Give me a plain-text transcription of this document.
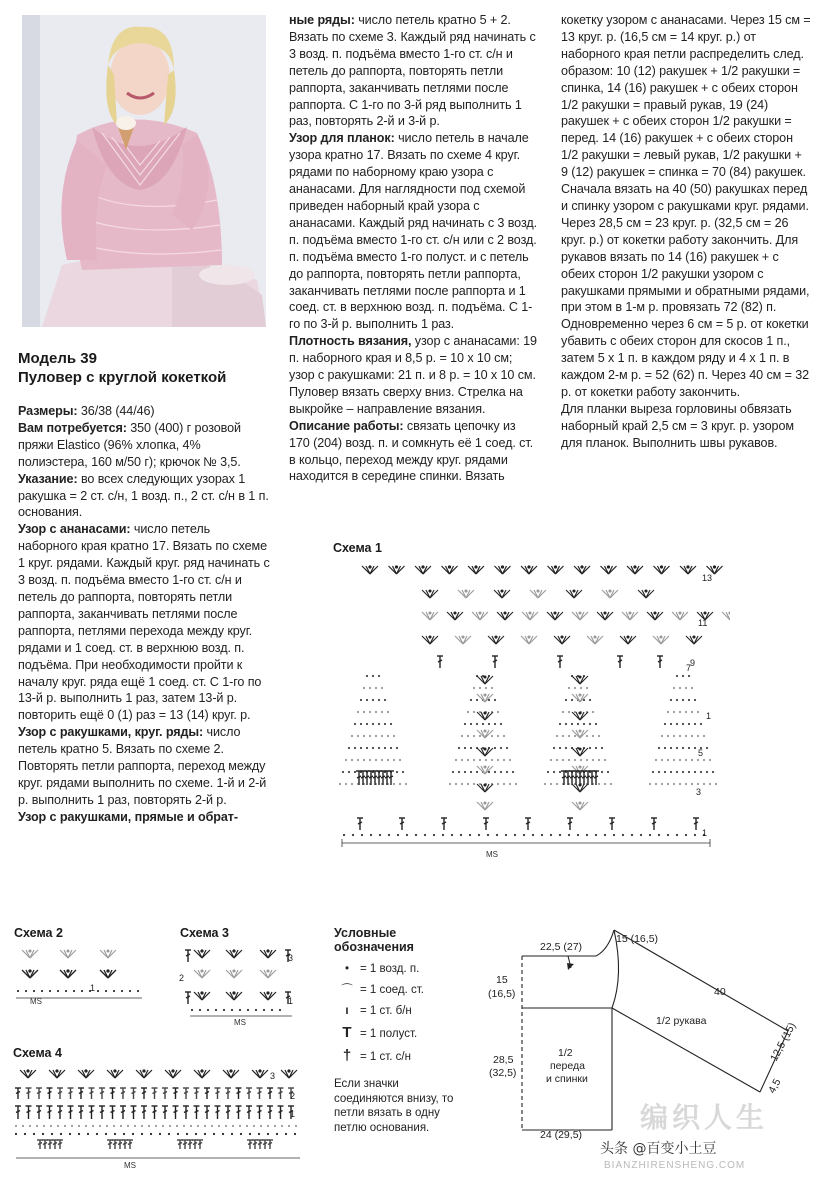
Модель 39
Пуловер с круглой кокеткой

Размеры: 36/38 (44/46)

Вам потребуется: 350 (400) г розовой пряжи Elastico (96% хлопка, 4% полиэстера, 160 м/50 г); крючок № 3,5.

Указание: во всех следующих узорах 1 ракушка = 2 ст. с/н, 1 возд. п., 2 ст. с/н в 1 п. основания.

Узор с ананасами: число петель наборного края кратно 17. Вязать по схеме 1 круг. рядами. Каждый круг. ряд начинать с 3 возд. п. подъёма вместо 1-го ст. с/н и петель до раппорта, повторять петли раппорта, заканчивать петлями после раппорта, петлями перехода между круг. рядами и 1 соед. ст. в верхнюю возд. п. подъёма. При необходимости пройти к началу круг. ряда ещё 1 соед. ст. С 1-го по 13-й р. выполнить 1 раз, затем 13-й р. повторить ещё 0 (1) раз = 13 (14) круг. р.

Узор с ракушками, круг. ряды: число петель кратно 5. Вязать по схеме 2. Повторять петли раппорта, переход между круг. рядами выполнить по схеме. 1-й и 2-й р. выполнить 1 раз, повторять 2-й р.

Узор с ракушками, прямые и обрат-

ные ряды: число петель кратно 5 + 2. Вязать по схеме 3. Каждый ряд начинать с 3 возд. п. подъёма вместо 1-го ст. с/н и петель до раппорта, повторять петли раппорта, заканчивать петлями после раппорта. С 1-го по 3-й ряд выполнить 1 раз, повторять 2-й и 3-й р.

Узор для планок: число петель в начале узора кратно 17. Вязать по схеме 4 круг. рядами по наборному краю узора с ананасами. Для наглядности под схемой приведен наборный край узора с ананасами. Каждый ряд начинать с 3 возд. п. подъёма вместо 1-го ст. с/н или с 2 возд. п. подъёма вместо 1-го полуст. и с петель до раппорта, повторять петли раппорта, заканчивать петлями после раппорта и 1 соед. ст. в верхнюю возд. п. подъёма. С 1-го по 3-й р. выполнить 1 раз.

Плотность вязания, узор с ананасами: 19 п. наборного края и 8,5 р. = 10 х 10 см; узор с ракушками: 21 п. и 8 р. = 10 х 10 см.

Пуловер вязать сверху вниз. Стрелка на выкройке – направление вязания.

Описание работы: связать цепочку из 170 (204) возд. п. и сомкнуть её 1 соед. ст. в кольцо, переход между круг. рядами находится в середине спинки. Вязать

кокетку узором с ананасами. Через 15 см = 13 круг. р. (16,5 см = 14 круг. р.) от наборного края петли распределить след. образом: 10 (12) ракушек + 1/2 ракушки = спинка, 14 (16) ракушек + с обеих сторон 1/2 ракушки = правый рукав, 19 (24) ракушек + с обеих сторон 1/2 ракушки = перед. 14 (16) ракушек + с обеих сторон 1/2 ракушки = левый рукав, 1/2 ракушки + 9 (12) ракушек = спинка = 70 (84) ракушек. Сначала вязать на 40 (50) ракушках перед и спинку узором с ракушками круг. рядами. Через 28,5 см = 23 круг. р. (32,5 см = 26 круг. р.) от кокетки работу закончить. Для рукавов вязать по 14 (16) ракушек + с обеих сторон 1/2 ракушки узором с ракушками прямыми и обратными рядами, при этом в 1-м р. провязать 72 (82) п. Одновременно через 6 см = 5 р. от кокетки убавить с обеих сторон для скосов 1 п., затем 5 х 1 п. в каждом ряду и 4 х 1 п. в каждом 2-м р. = 52 (62) п. Через 40 см = 32 р. от кокетки работу закончить.

Для планки выреза горловины обвязать наборный край 2,5 см = 3 круг. р. узором для планок. Выполнить швы рукавов.

Схема 1
MS
13
11
9
7
1
5
3
1
Схема 2
MS
1
Схема 3
MS
3
2
1
Схема 4
MS
3
2
1
Условные
обозначения
• = 1 возд. п.
⌒ = 1 соед. ст.
ı = 1 ст. б/н
T = 1 полуст.
† = 1 ст. с/н
Если значки соединяются внизу, то петли вязать в одну петлю основания.
22,5 (27)
15 (16,5)
15
(16,5)	40
1/2 рукава
28,5
(32,5)
1/2
переда
и спинки
24 (29,5)
12,5 (15)
4,5
编织人生
头条 @百变小土豆
BIANZHIRENSHENG.COM
